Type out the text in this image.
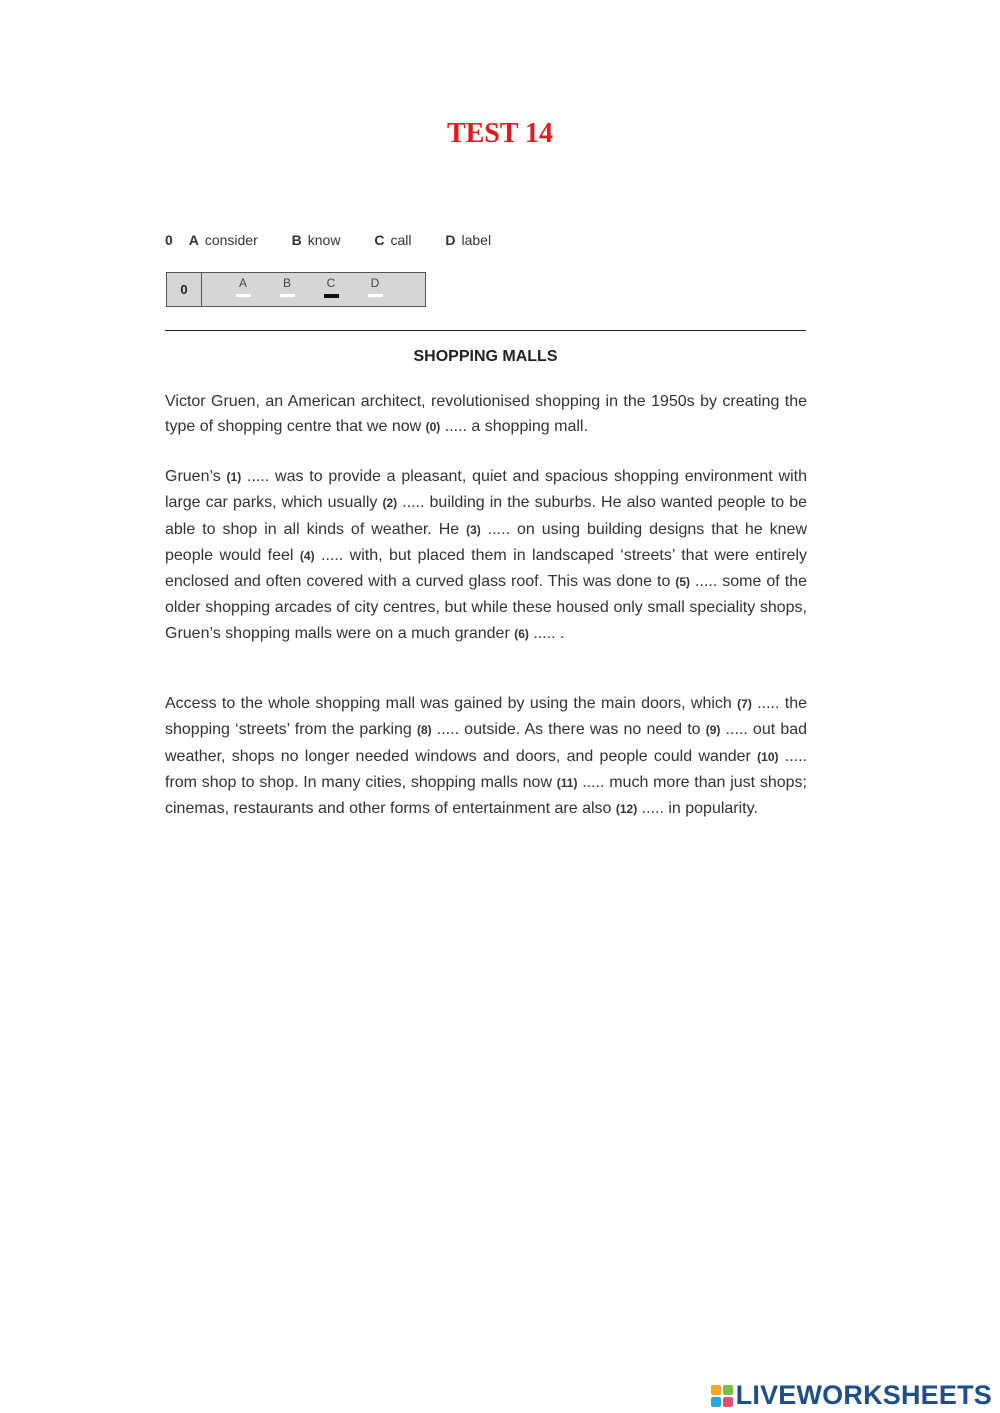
TEST 14
0 A consider B know C call D label
0	A	B	C	D
SHOPPING MALLS
Victor Gruen, an American architect, revolutionised shopping in the 1950s by creating the type of shopping centre that we now (0) ..... a shopping mall.
Gruen’s (1) ..... was to provide a pleasant, quiet and spacious shopping environment with large car parks, which usually (2) ..... building in the suburbs. He also wanted people to be able to shop in all kinds of weather. He (3) ..... on using building designs that he knew people would feel (4) ..... with, but placed them in landscaped ‘streets’ that were entirely enclosed and often covered with a curved glass roof. This was done to (5) ..... some of the older shopping arcades of city centres, but while these housed only small speciality shops, Gruen’s shopping malls were on a much grander (6) ..... .
Access to the whole shopping mall was gained by using the main doors, which (7) ..... the shopping ‘streets’ from the parking (8) ..... outside. As there was no need to (9) ..... out bad weather, shops no longer needed windows and doors, and people could wander (10) ..... from shop to shop. In many cities, shopping malls now (11) ..... much more than just shops; cinemas, restaurants and other forms of entertainment are also (12) ..... in popularity.
LIVEWORKSHEETS
